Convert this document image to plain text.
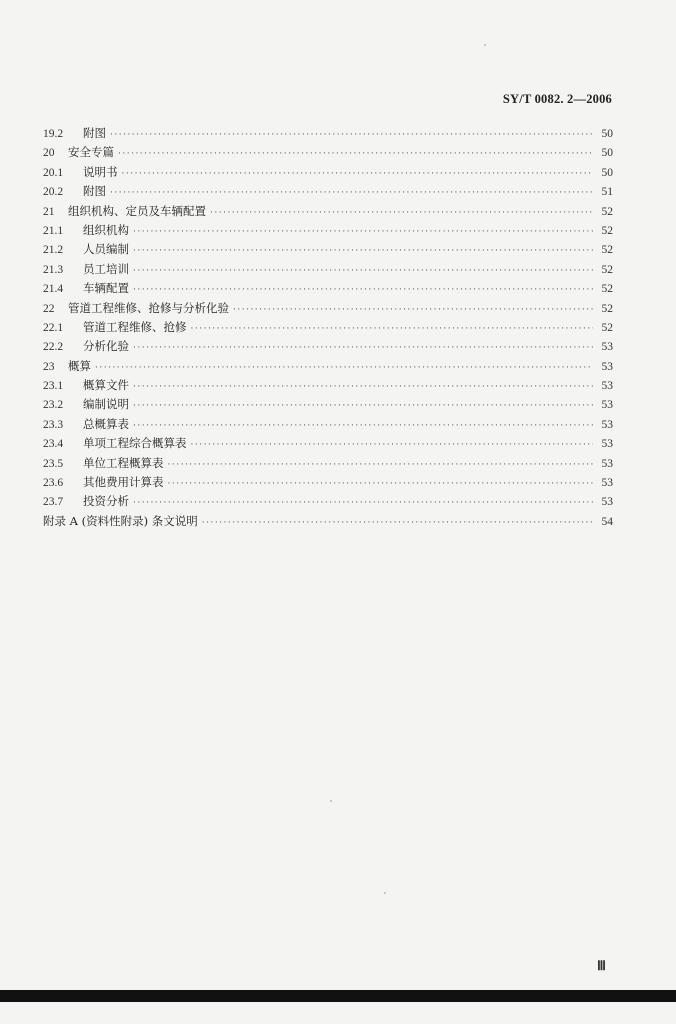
SY/T 0082. 2—2006
19.2	附图 ·····	50
20	安全专篇 ·····	50
20.1	说明书 ·····	50
20.2	附图 ·····	51
21	组织机构、定员及车辆配置 ·····	52
21.1	组织机构 ·····	52
21.2	人员编制 ·····	52
21.3	员工培训 ·····	52
21.4	车辆配置 ·····	52
22	管道工程维修、抢修与分析化验 ·····	52
22.1	管道工程维修、抢修 ·····	52
22.2	分析化验 ·····	53
23	概算 ·····	53
23.1	概算文件 ·····	53
23.2	编制说明 ·····	53
23.3	总概算表 ·····	53
23.4	单项工程综合概算表 ·····	53
23.5	单位工程概算表 ·····	53
23.6	其他费用计算表 ·····	53
23.7	投资分析 ·····	53
附录 A (资料性附录) 条文说明 ·····	54
Ⅲ
